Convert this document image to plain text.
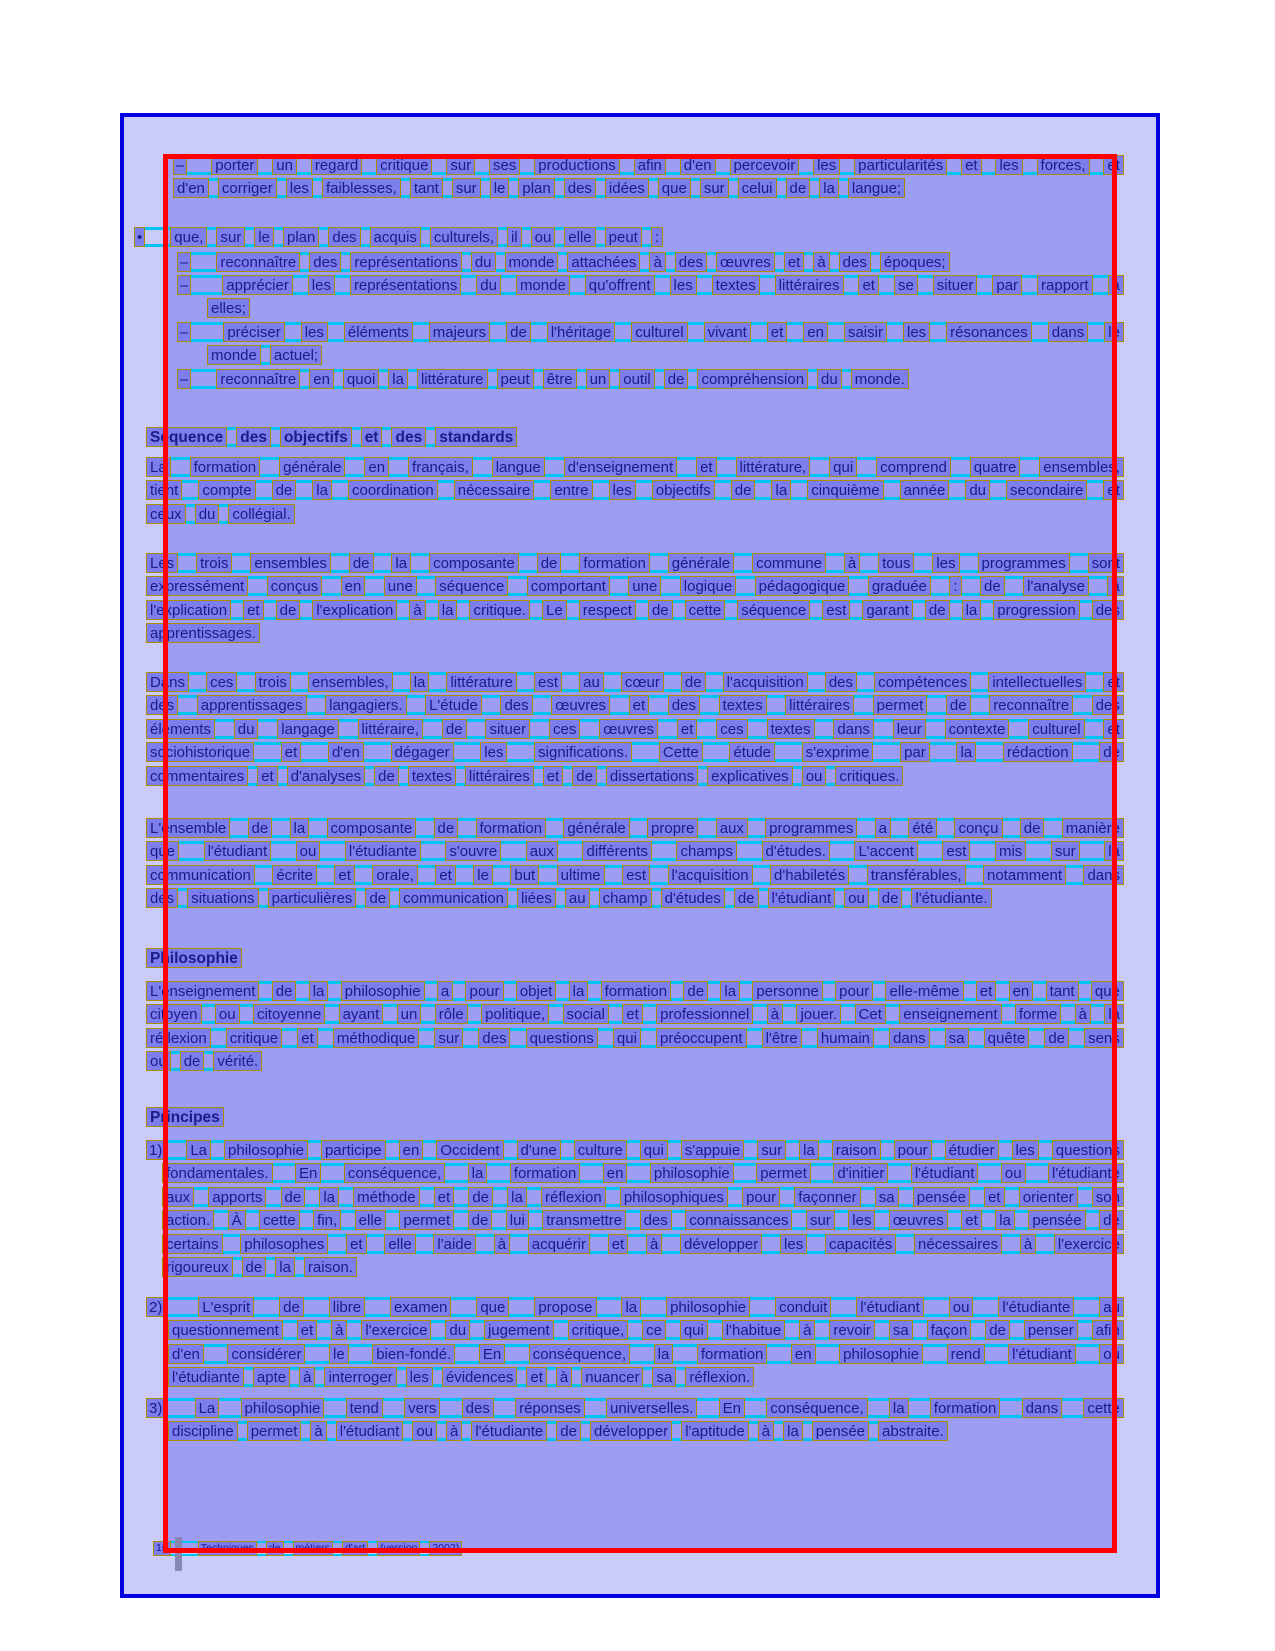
– porter un regard critique sur ses productions afin d'en percevoir les particularités et les forces, et
d'en corriger les faiblesses, tant sur le plan des idées que sur celui de la langue;
• que, sur le plan des acquis culturels, il ou elle peut :
– reconnaître des représentations du monde attachées à des œuvres et à des époques;
–	apprécier les représentations du monde qu'offrent les textes littéraires et se situer par rapport à
elles;
–	préciser les éléments majeurs de l'héritage culturel vivant et en saisir les résonances dans le
monde actuel;
– reconnaître en quoi la littérature peut être un outil de compréhension du monde.
Séquence des objectifs et des standards
La formation générale en français, langue d'enseignement et littérature, qui comprend quatre ensembles,
tient compte de la coordination nécessaire entre les objectifs de la cinquième année du secondaire et
ceux du collégial.
Les trois ensembles de la composante de formation générale commune à tous les programmes sont
expressément conçus en une séquence comportant une logique pédagogique graduée : de l'analyse à
l'explication et de l'explication à la critique. Le respect de cette séquence est garant de la progression des
apprentissages.
Dans ces trois ensembles, la littérature est au cœur de l'acquisition des compétences intellectuelles et
des apprentissages langagiers. L'étude des œuvres et des textes littéraires permet de reconnaître des
éléments du langage littéraire, de situer ces œuvres et ces textes dans leur contexte culturel et
sociohistorique et d'en dégager les significations. Cette étude s'exprime par la rédaction de
commentaires et d'analyses de textes littéraires et de dissertations explicatives ou critiques.
L'ensemble de la composante de formation générale propre aux programmes a été conçu de manière
que l'étudiant ou l'étudiante s'ouvre aux différents champs d'études. L'accent est mis sur la
communication écrite et orale, et le but ultime est l'acquisition d'habiletés transférables, notamment dans
des situations particulières de communication liées au champ d'études de l'étudiant ou de l'étudiante.
Philosophie
L'enseignement de la philosophie a pour objet la formation de la personne pour elle-même et en tant que
citoyen ou citoyenne ayant un rôle politique, social et professionnel à jouer. Cet enseignement forme à la
réflexion critique et méthodique sur des questions qui préoccupent l'être humain dans sa quête de sens
ou de vérité.
Principes
1) La philosophie participe en Occident d'une culture qui s'appuie sur la raison pour étudier les questions
fondamentales. En conséquence, la formation en philosophie permet d'initier l'étudiant ou l'étudiante
aux apports de la méthode et de la réflexion philosophiques pour façonner sa pensée et orienter son
action. À cette fin, elle permet de lui transmettre des connaissances sur les œuvres et la pensée de
certains philosophes et elle l'aide à acquérir et à développer les capacités nécessaires à l'exercice
rigoureux de la raison.
2)	L'esprit de libre examen que propose la philosophie conduit l'étudiant ou l'étudiante au
questionnement et à l'exercice du jugement critique, ce qui l'habitue à revoir sa façon de penser afin
d'en considérer le bien-fondé. En conséquence, la formation en philosophie rend l'étudiant ou
l'étudiante apte à interroger les évidences et à nuancer sa réflexion.
3) La philosophie tend vers des réponses universelles. En conséquence, la formation dans cette
discipline permet à l'étudiant ou à l'étudiante de développer l'aptitude à la pensée abstraite.
16	Techniques de métiers d'art (version 2002)
